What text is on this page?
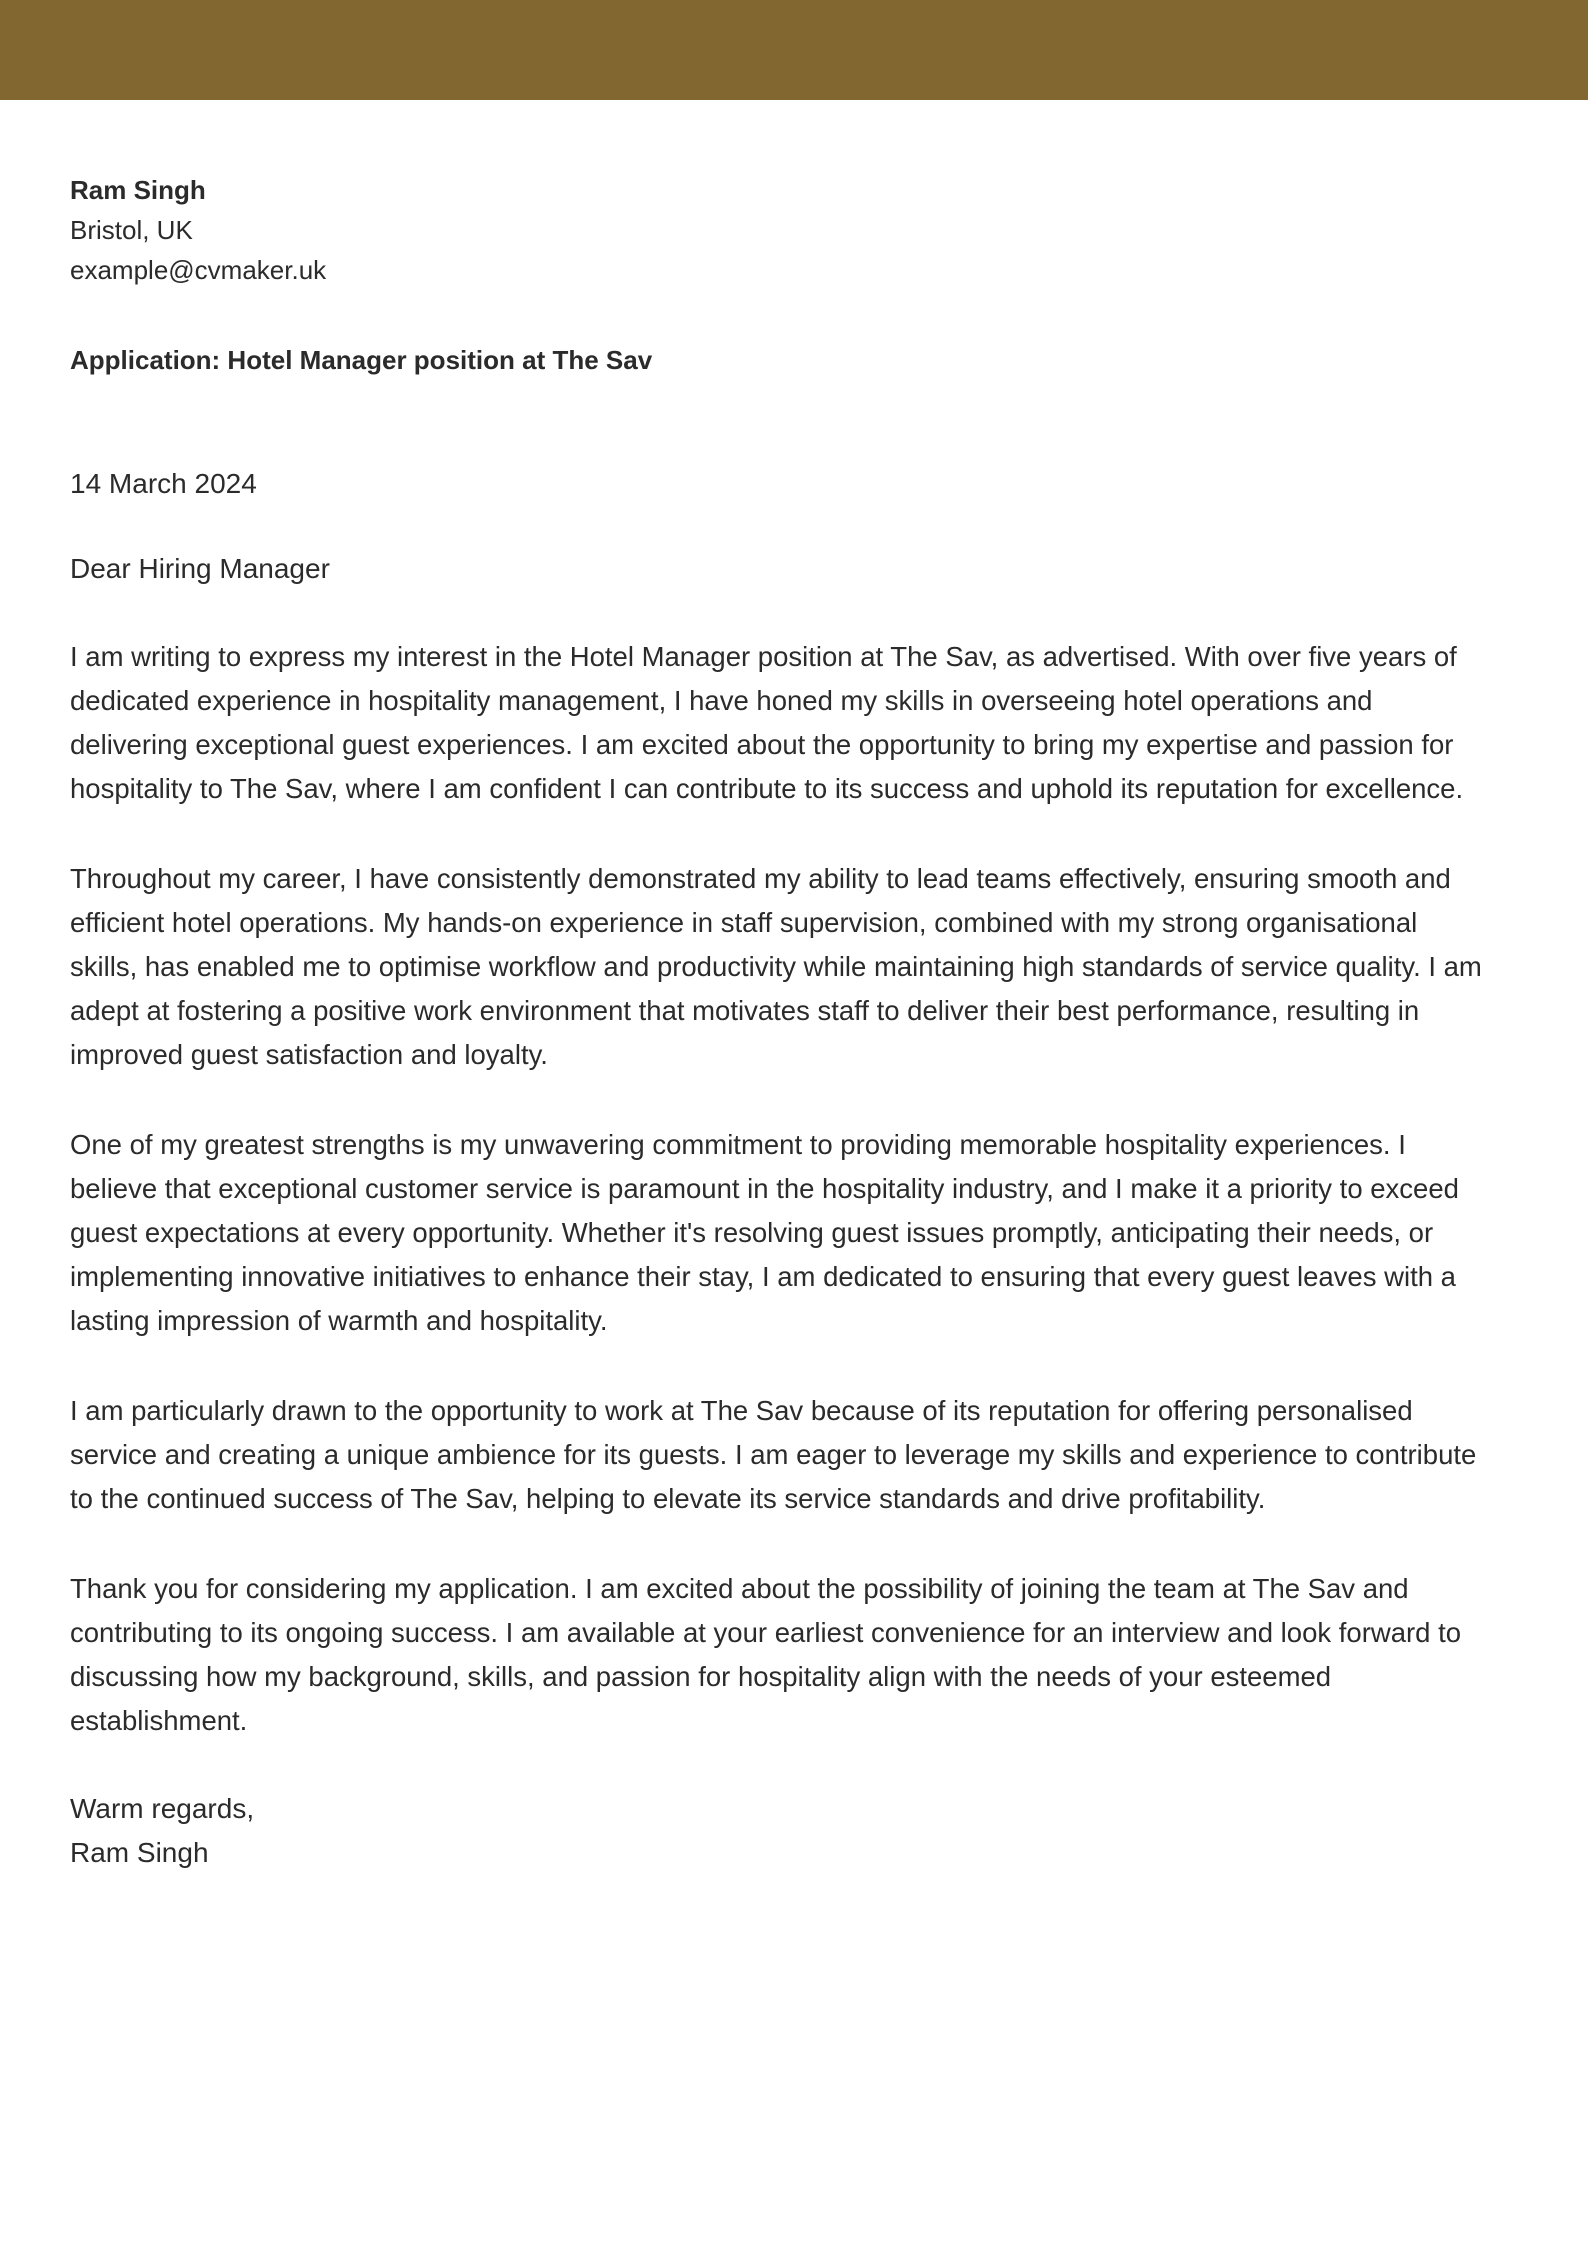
Ram Singh

Bristol, UK

example@cvmaker.uk

Application: Hotel Manager position at The Sav

14 March 2024

Dear Hiring Manager

I am writing to express my interest in the Hotel Manager position at The Sav, as advertised. With over five years of dedicated experience in hospitality management, I have honed my skills in overseeing hotel operations and delivering exceptional guest experiences. I am excited about the opportunity to bring my expertise and passion for hospitality to The Sav, where I am confident I can contribute to its success and uphold its reputation for excellence.

Throughout my career, I have consistently demonstrated my ability to lead teams effectively, ensuring smooth and efficient hotel operations. My hands-on experience in staff supervision, combined with my strong organisational skills, has enabled me to optimise workflow and productivity while maintaining high standards of service quality. I am adept at fostering a positive work environment that motivates staff to deliver their best performance, resulting in improved guest satisfaction and loyalty.

One of my greatest strengths is my unwavering commitment to providing memorable hospitality experiences. I believe that exceptional customer service is paramount in the hospitality industry, and I make it a priority to exceed guest expectations at every opportunity. Whether it's resolving guest issues promptly, anticipating their needs, or implementing innovative initiatives to enhance their stay, I am dedicated to ensuring that every guest leaves with a lasting impression of warmth and hospitality.

I am particularly drawn to the opportunity to work at The Sav because of its reputation for offering personalised service and creating a unique ambience for its guests. I am eager to leverage my skills and experience to contribute to the continued success of The Sav, helping to elevate its service standards and drive profitability.

Thank you for considering my application. I am excited about the possibility of joining the team at The Sav and contributing to its ongoing success. I am available at your earliest convenience for an interview and look forward to discussing how my background, skills, and passion for hospitality align with the needs of your esteemed establishment.

Warm regards,

Ram Singh
